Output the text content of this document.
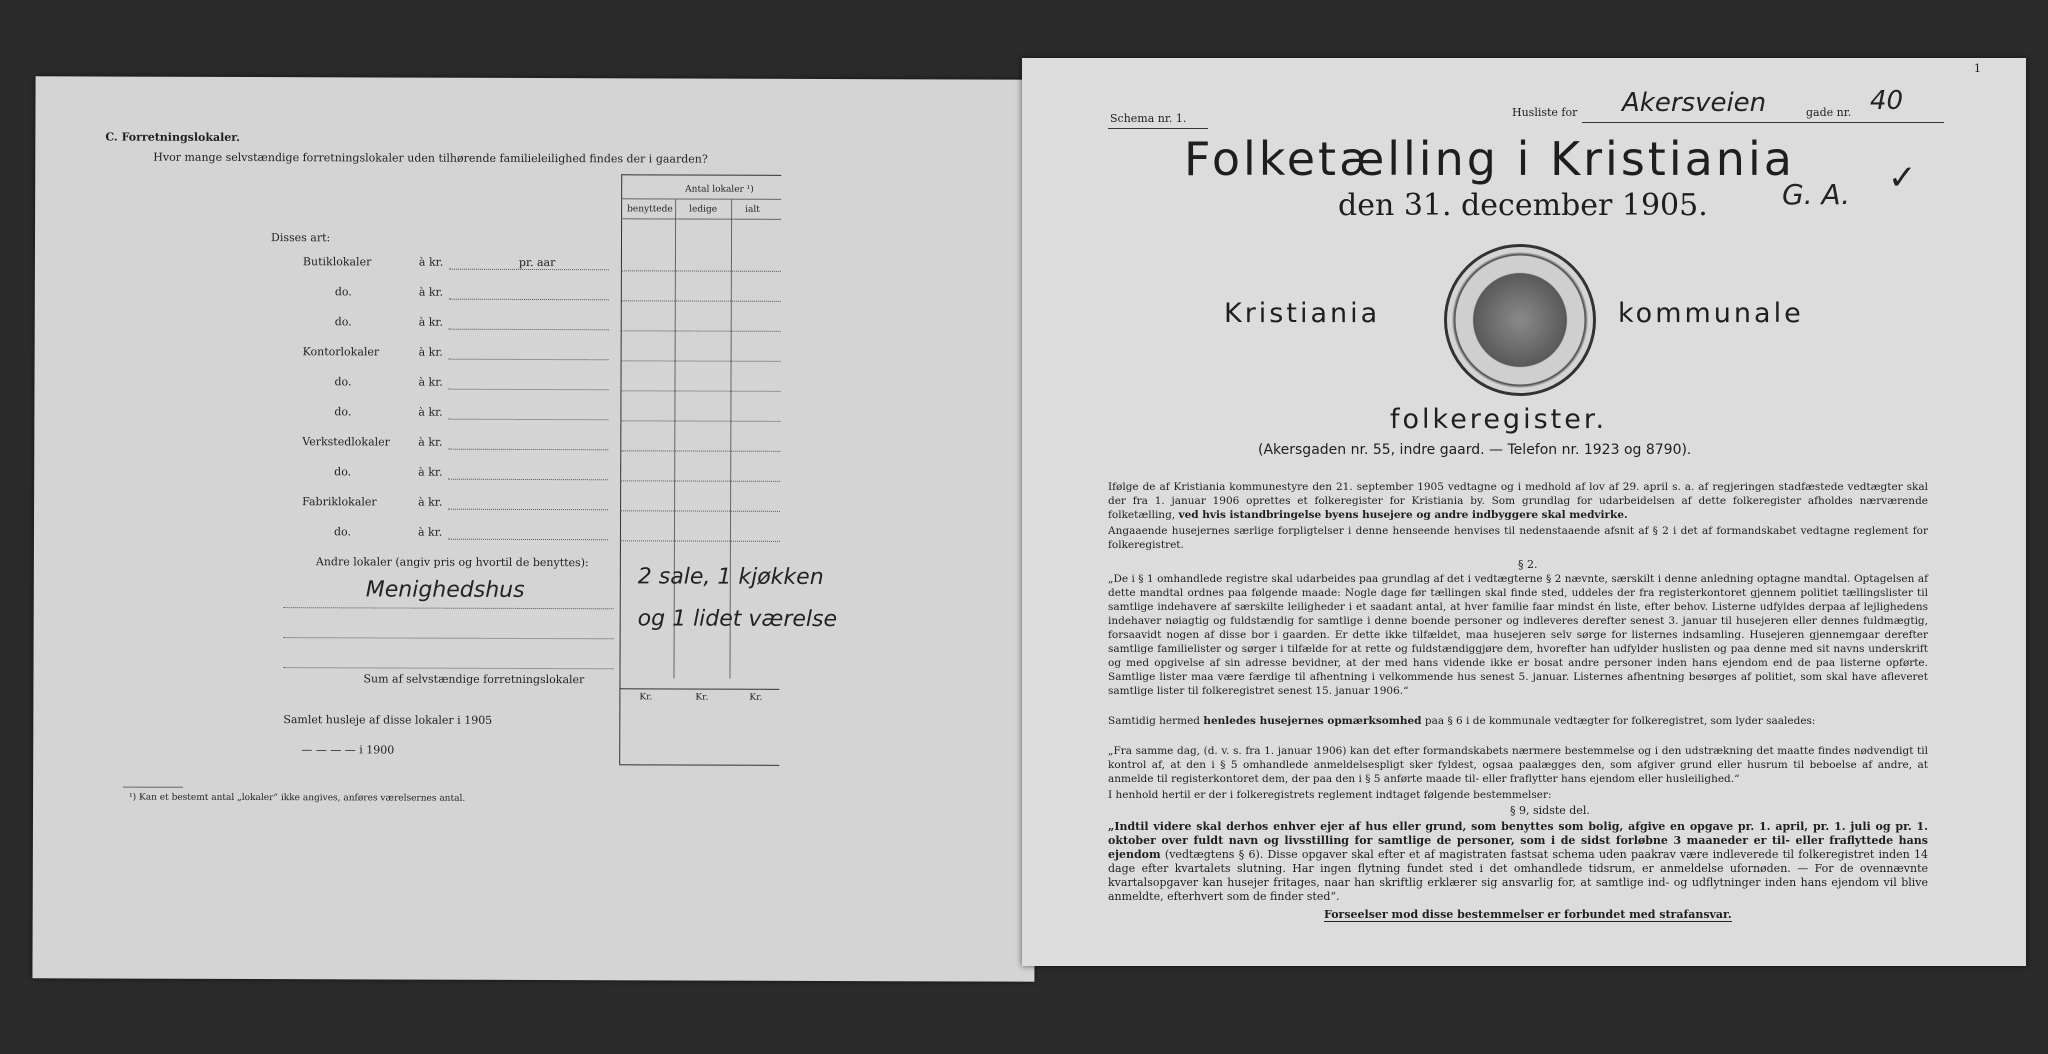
C. Forretningslokaler.
Hvor mange selvstændige forretningslokaler uden tilhørende familieleilighed findes der i gaarden?
Antal lokaler ¹)
benyttede ledige	ialt
Disses art:
Butiklokaler	à kr.	pr. aar
do.	à kr.
do.	à kr.
Kontorlokaler	à kr.
do.	à kr.
do.	à kr.
Verkstedlokaler	à kr.
do.	à kr.
Fabriklokaler	à kr.
do.	à kr.
Andre lokaler (angiv pris og hvortil de benyttes):
Menighedshus
2 sale, 1 kjøkken
og 1 lidet værelse
Sum af selvstændige forretningslokaler
Kr.	Kr.	Kr.
Samlet husleje af disse lokaler i 1905
— — — — i 1900
¹) Kan et bestemt antal „lokaler“ ikke angives, anføres værelsernes antal.
Schema nr. 1.	Husliste for Akersveien	gade nr. 40
1
Folketælling i Kristiania
den 31. december 1905.	G. A. ✓
Kristiania	kommunale
folkeregister.
(Akersgaden nr. 55, indre gaard. — Telefon nr. 1923 og 8790).
Ifølge de af Kristiania kommunestyre den 21. september 1905 vedtagne og i medhold af lov af 29. april s. a. af regjeringen stadfæstede vedtægter skal der fra 1. januar 1906 oprettes et folkeregister for Kristiania by. Som grundlag for udarbeidelsen af dette folkeregister afholdes nærværende folketælling, ved hvis istandbringelse byens husejere og andre indbyggere skal medvirke.
Angaaende husejernes særlige forpligtelser i denne henseende henvises til nedenstaaende afsnit af § 2 i det af formandskabet vedtagne reglement for folkeregistret.
§ 2.
„De i § 1 omhandlede registre skal udarbeides paa grundlag af det i vedtægterne § 2 nævnte, særskilt i denne anledning optagne mandtal. Optagelsen af dette mandtal ordnes paa følgende maade: Nogle dage før tællingen skal finde sted, uddeles der fra registerkontoret gjennem politiet tællingslister til samtlige indehavere af særskilte leiligheder i et saadant antal, at hver familie faar mindst én liste, efter behov. Listerne udfyldes derpaa af lejlighedens indehaver nøiagtig og fuldstændig for samtlige i denne boende personer og indleveres derefter senest 3. januar til husejeren eller dennes fuldmægtig, forsaavidt nogen af disse bor i gaarden. Er dette ikke tilfældet, maa husejeren selv sørge for listernes indsamling. Husejeren gjennemgaar derefter samtlige familielister og sørger i tilfælde for at rette og fuldstændiggjøre dem, hvorefter han udfylder huslisten og paa denne med sit navns underskrift og med opgivelse af sin adresse bevidner, at der med hans vidende ikke er bosat andre personer inden hans ejendom end de paa listerne opførte. Samtlige lister maa være færdige til afhentning i velkommende hus senest 5. januar. Listernes afhentning besørges af politiet, som skal have afleveret samtlige lister til folkeregistret senest 15. januar 1906.“
Samtidig hermed henledes husejernes opmærksomhed paa § 6 i de kommunale vedtægter for folkeregistret, som lyder saaledes:
„Fra samme dag, (d. v. s. fra 1. januar 1906) kan det efter formandskabets nærmere bestemmelse og i den udstrækning det maatte findes nødvendigt til kontrol af, at den i § 5 omhandlede anmeldelsespligt sker fyldest, ogsaa paalægges den, som afgiver grund eller husrum til beboelse af andre, at anmelde til registerkontoret dem, der paa den i § 5 anførte maade til- eller fraflytter hans ejendom eller husleilighed.“
I henhold hertil er der i folkeregistrets reglement indtaget følgende bestemmelser:
§ 9, sidste del.
„Indtil videre skal derhos enhver ejer af hus eller grund, som benyttes som bolig, afgive en opgave pr. 1. april, pr. 1. juli og pr. 1. oktober over fuldt navn og livsstilling for samtlige de personer, som i de sidst forløbne 3 maaneder er til- eller fraflyttede hans ejendom (vedtægtens § 6). Disse opgaver skal efter et af magistraten fastsat schema uden paakrav være indleverede til folkeregistret inden 14 dage efter kvartalets slutning. Har ingen flytning fundet sted i det omhandlede tidsrum, er anmeldelse ufornøden. — For de ovennævnte kvartalsopgaver kan husejer fritages, naar han skriftlig erklærer sig ansvarlig for, at samtlige ind- og udflytninger inden hans ejendom vil blive anmeldte, efterhvert som de finder sted“.
Forseelser mod disse bestemmelser er forbundet med strafansvar.
